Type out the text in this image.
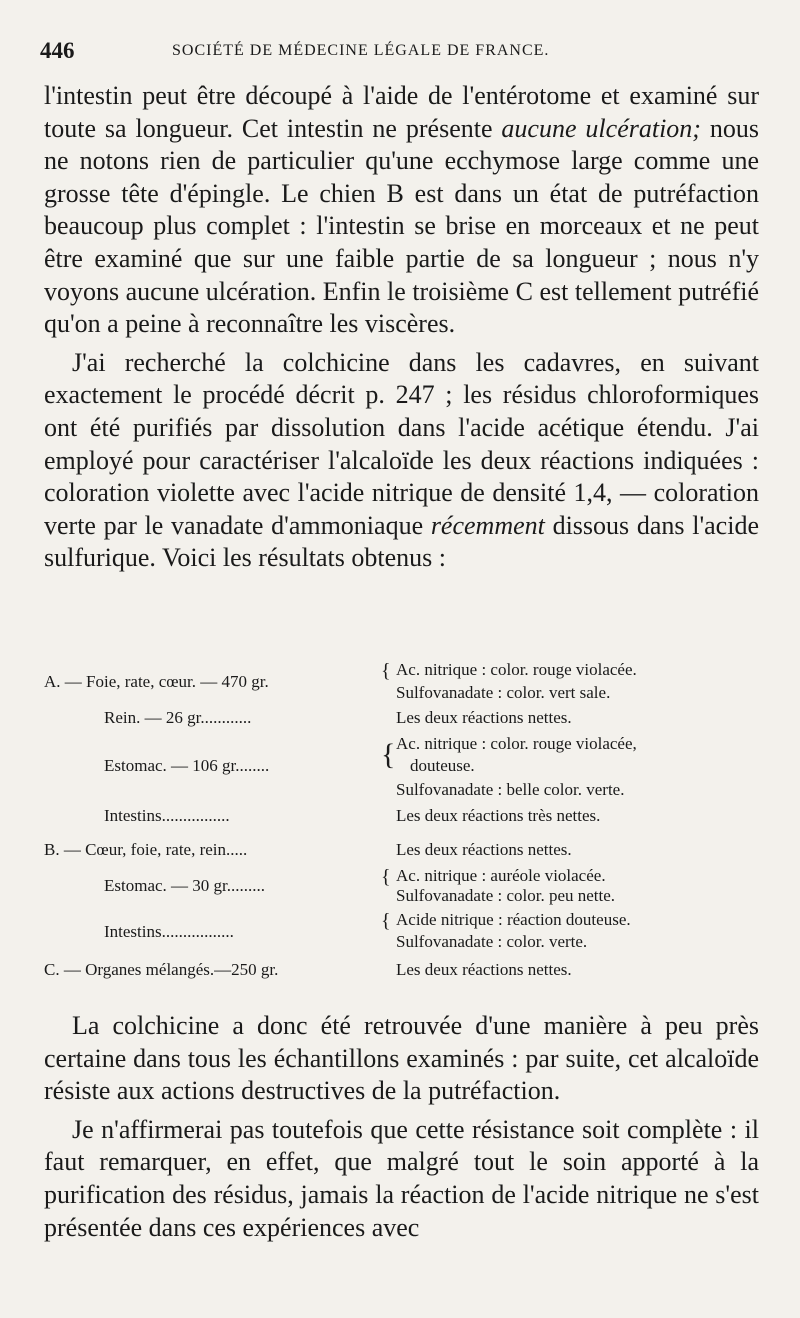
446	SOCIÉTÉ DE MÉDECINE LÉGALE DE FRANCE.

l'intestin peut être découpé à l'aide de l'entérotome et examiné sur toute sa longueur. Cet intestin ne présente aucune ulcération; nous ne notons rien de particulier qu'une ecchymose large comme une grosse tête d'épingle. Le chien B est dans un état de putréfaction beaucoup plus complet : l'intestin se brise en morceaux et ne peut être examiné que sur une faible partie de sa longueur ; nous n'y voyons aucune ulcération. Enfin le troisième C est tellement putréfié qu'on a peine à reconnaître les viscères.

J'ai recherché la colchicine dans les cadavres, en suivant exactement le procédé décrit p. 247 ; les résidus chloroformiques ont été purifiés par dissolution dans l'acide acétique étendu. J'ai employé pour caractériser l'alcaloïde les deux réactions indiquées : coloration violette avec l'acide nitrique de densité 1,4, — coloration verte par le vanadate d'ammoniaque récemment dissous dans l'acide sulfurique. Voici les résultats obtenus :

A. — Foie, rate, cœur. — 470 gr.	{ Ac. nitrique : color. rouge violacée.
Sulfovanadate : color. vert sale.
Rein. — 26 gr............	Les deux réactions nettes.
Estomac. — 106 gr........	{ Ac. nitrique : color. rouge violacée,
douteuse.
Sulfovanadate : belle color. verte.
Intestins................	Les deux réactions très nettes.
B. — Cœur, foie, rate, rein.....	Les deux réactions nettes.
Estomac. — 30 gr.........	{ Ac. nitrique : auréole violacée.
Sulfovanadate : color. peu nette.
Intestins.................	{ Acide nitrique : réaction douteuse.
Sulfovanadate : color. verte.
C. — Organes mélangés.—250 gr.	Les deux réactions nettes.

La colchicine a donc été retrouvée d'une manière à peu près certaine dans tous les échantillons examinés : par suite, cet alcaloïde résiste aux actions destructives de la putréfaction.

Je n'affirmerai pas toutefois que cette résistance soit complète : il faut remarquer, en effet, que malgré tout le soin apporté à la purification des résidus, jamais la réaction de l'acide nitrique ne s'est présentée dans ces expériences avec
